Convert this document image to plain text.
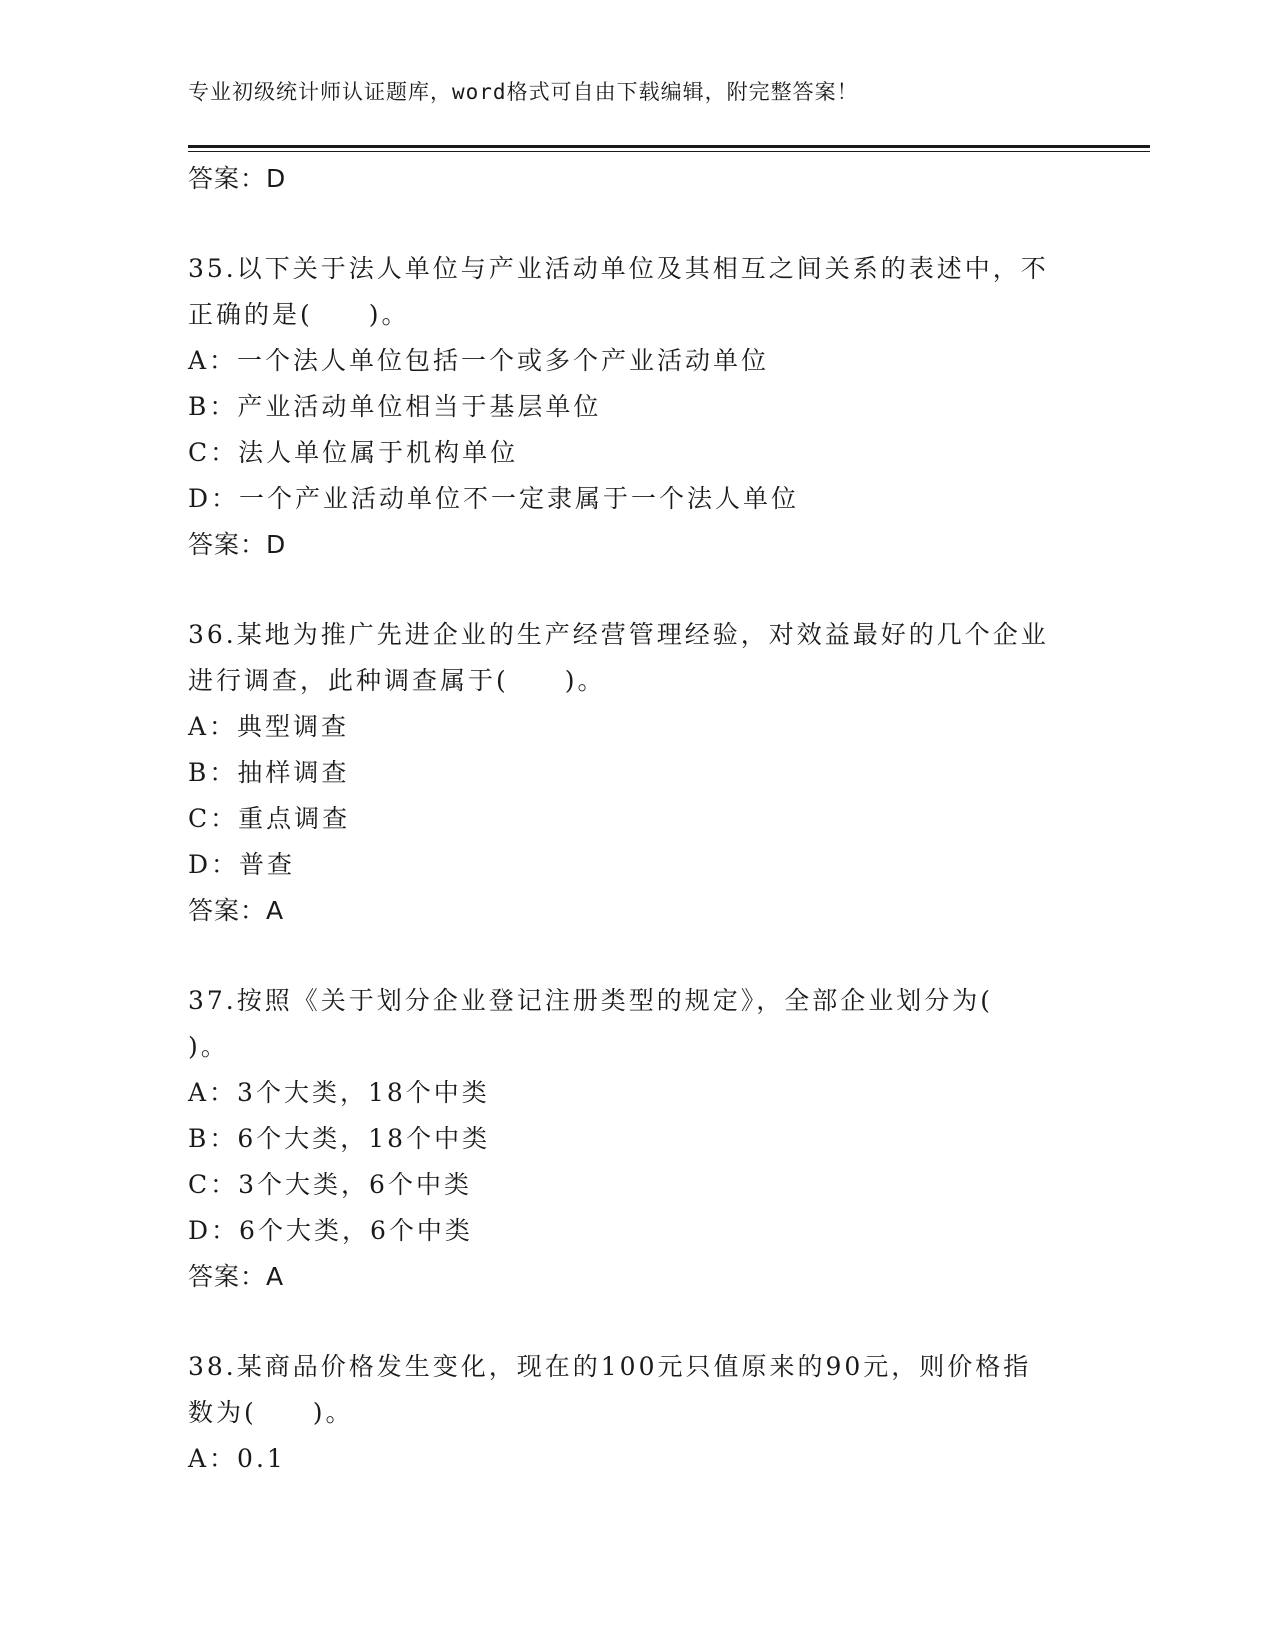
专业初级统计师认证题库，word格式可自由下载编辑，附完整答案！
答案：D
35.以下关于法人单位与产业活动单位及其相互之间关系的表述中，不
正确的是(　　)。
A：一个法人单位包括一个或多个产业活动单位
B：产业活动单位相当于基层单位
C：法人单位属于机构单位
D：一个产业活动单位不一定隶属于一个法人单位
答案：D
36.某地为推广先进企业的生产经营管理经验，对效益最好的几个企业
进行调查，此种调查属于(　　)。
A：典型调查
B：抽样调查
C：重点调查
D：普查
答案：A
37.按照《关于划分企业登记注册类型的规定》，全部企业划分为(
)。
A：3个大类，18个中类
B：6个大类，18个中类
C：3个大类，6个中类
D：6个大类，6个中类
答案：A
38.某商品价格发生变化，现在的100元只值原来的90元，则价格指
数为(　　)。
A：0.1
